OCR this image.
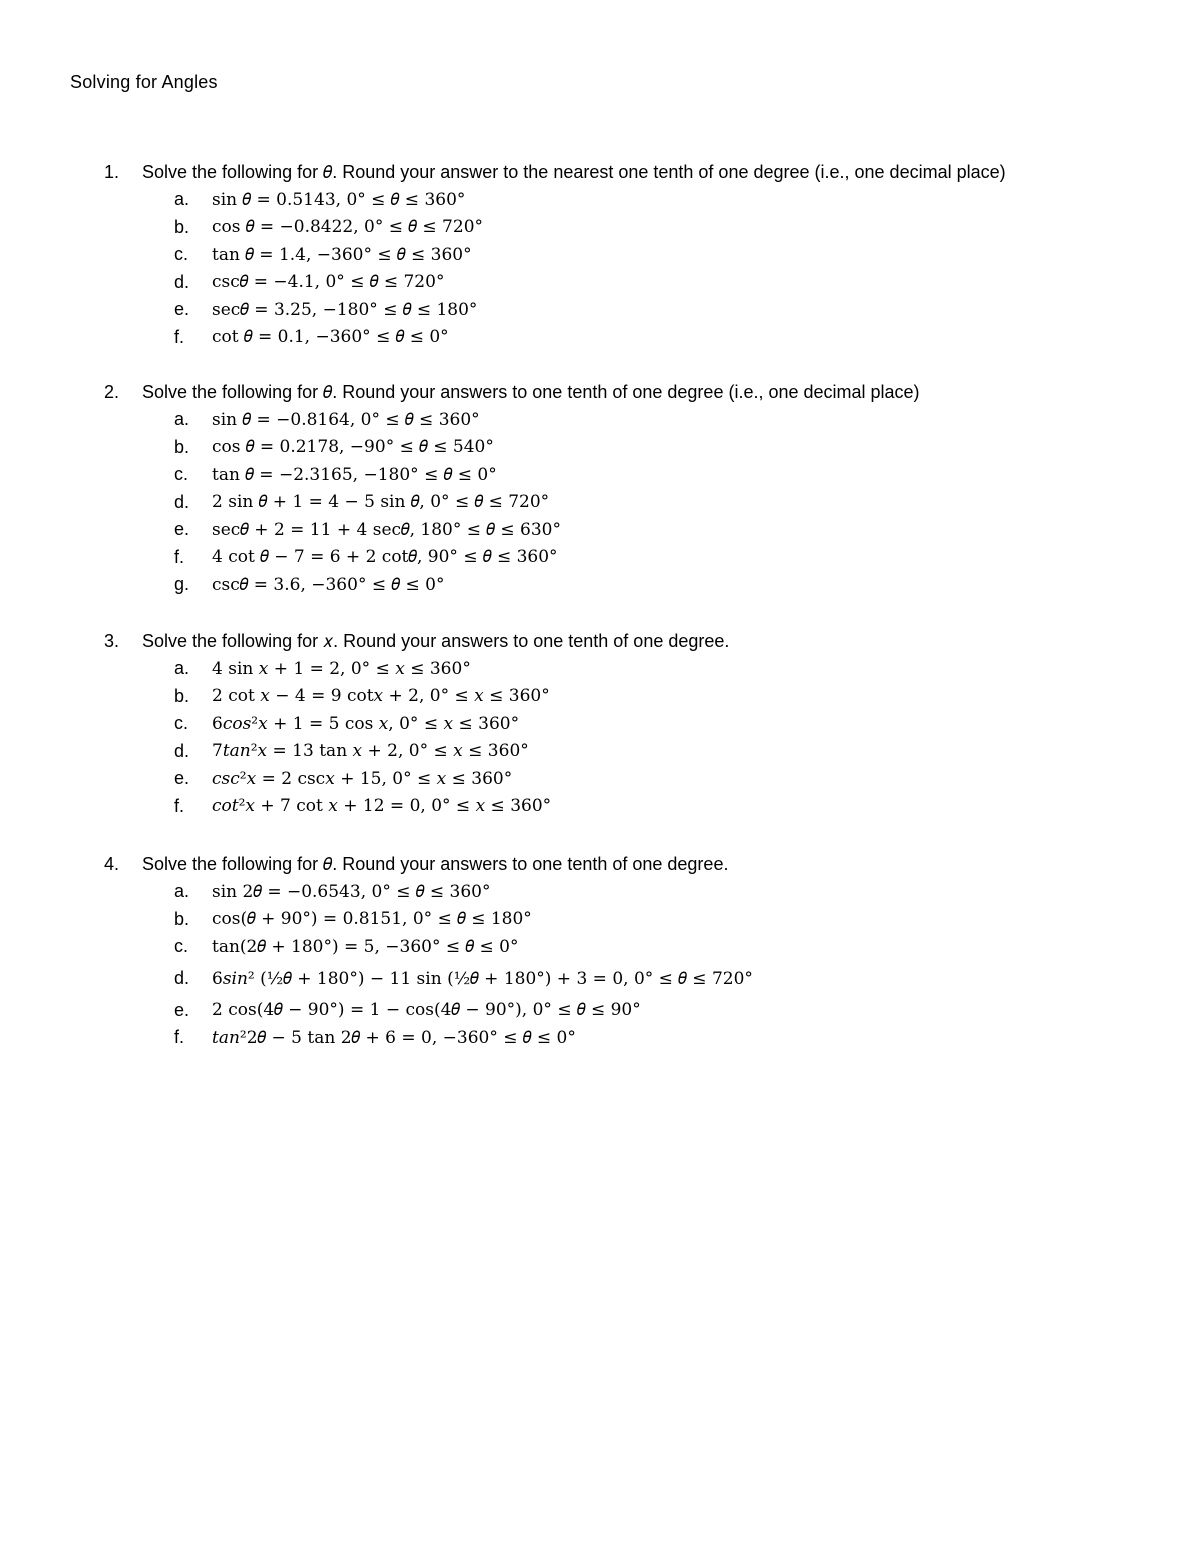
Solving for Angles
1.	Solve the following for 𝜃. Round your answer to the nearest one tenth of one degree (i.e., one decimal place)
a.	sin 𝜃 = 0.5143, 0° ≤ 𝜃 ≤ 360°
b.	cos 𝜃 = −0.8422, 0° ≤ 𝜃 ≤ 720°
c.	tan 𝜃 = 1.4, −360° ≤ 𝜃 ≤ 360°
d.	csc𝜃 = −4.1, 0° ≤ 𝜃 ≤ 720°
e.	sec𝜃 = 3.25, −180° ≤ 𝜃 ≤ 180°
f.	cot 𝜃 = 0.1, −360° ≤ 𝜃 ≤ 0°
2.	Solve the following for 𝜃. Round your answers to one tenth of one degree (i.e., one decimal place)
a.	sin 𝜃 = −0.8164, 0° ≤ 𝜃 ≤ 360°
b.	cos 𝜃 = 0.2178, −90° ≤ 𝜃 ≤ 540°
c.	tan 𝜃 = −2.3165, −180° ≤ 𝜃 ≤ 0°
d.	2 sin 𝜃 + 1 = 4 − 5 sin 𝜃, 0° ≤ 𝜃 ≤ 720°
e.	sec𝜃 + 2 = 11 + 4 sec𝜃, 180° ≤ 𝜃 ≤ 630°
f.	4 cot 𝜃 − 7 = 6 + 2 cot𝜃, 90° ≤ 𝜃 ≤ 360°
g.	csc𝜃 = 3.6, −360° ≤ 𝜃 ≤ 0°
3.	Solve the following for 𝑥. Round your answers to one tenth of one degree.
a.	4 sin 𝑥 + 1 = 2, 0° ≤ 𝑥 ≤ 360°
b.	2 cot 𝑥 − 4 = 9 cot𝑥 + 2, 0° ≤ 𝑥 ≤ 360°
c.	6𝑐𝑜𝑠²𝑥 + 1 = 5 cos 𝑥, 0° ≤ 𝑥 ≤ 360°
d.	7𝑡𝑎𝑛²𝑥 = 13 tan 𝑥 + 2, 0° ≤ 𝑥 ≤ 360°
e.	𝑐𝑠𝑐²𝑥 = 2 csc𝑥 + 15, 0° ≤ 𝑥 ≤ 360°
f.	𝑐𝑜𝑡²𝑥 + 7 cot 𝑥 + 12 = 0, 0° ≤ 𝑥 ≤ 360°
4.	Solve the following for 𝜃. Round your answers to one tenth of one degree.
a.	sin 2𝜃 = −0.6543, 0° ≤ 𝜃 ≤ 360°
b.	cos(𝜃 + 90°) = 0.8151, 0° ≤ 𝜃 ≤ 180°
c.	tan(2𝜃 + 180°) = 5, −360° ≤ 𝜃 ≤ 0°
d.	6𝑠𝑖𝑛² (½𝜃 + 180°) − 11 sin (½𝜃 + 180°) + 3 = 0, 0° ≤ 𝜃 ≤ 720°
e.	2 cos(4𝜃 − 90°) = 1 − cos(4𝜃 − 90°), 0° ≤ 𝜃 ≤ 90°
f.	𝑡𝑎𝑛²2𝜃 − 5 tan 2𝜃 + 6 = 0, −360° ≤ 𝜃 ≤ 0°
